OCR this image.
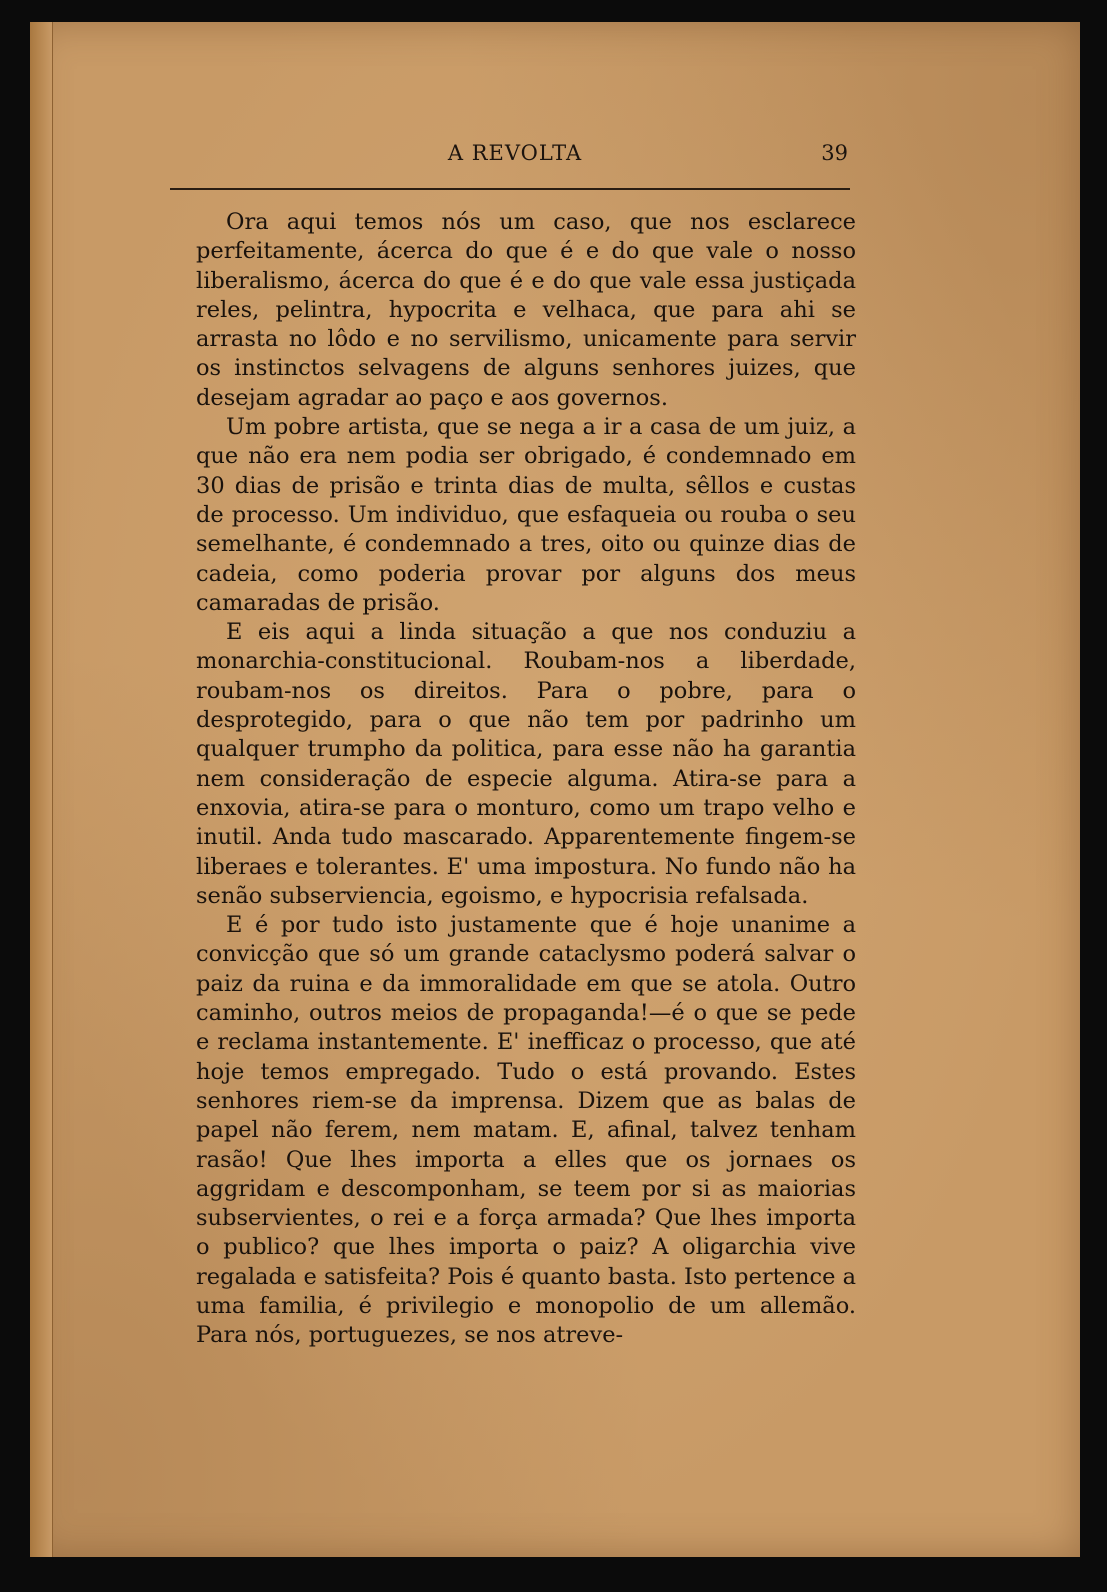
A REVOLTA	39

Ora aqui temos nós um caso, que nos esclarece perfeitamente, ácerca do que é e do que vale o nosso liberalismo, ácerca do que é e do que vale essa justiçada reles, pelintra, hypocrita e velhaca, que para ahi se arrasta no lôdo e no servilismo, unicamente para servir os instinctos selvagens de alguns senhores juizes, que desejam agradar ao paço e aos governos.

Um pobre artista, que se nega a ir a casa de um juiz, a que não era nem podia ser obrigado, é condemnado em 30 dias de prisão e trinta dias de multa, sêllos e custas de processo. Um individuo, que esfaqueia ou rouba o seu semelhante, é condemnado a tres, oito ou quinze dias de cadeia, como poderia provar por alguns dos meus camaradas de prisão.

E eis aqui a linda situação a que nos conduziu a monarchia-constitucional. Roubam-nos a liberdade, roubam-nos os direitos. Para o pobre, para o desprotegido, para o que não tem por padrinho um qualquer trumpho da politica, para esse não ha garantia nem consideração de especie alguma. Atira-se para a enxovia, atira-se para o monturo, como um trapo velho e inutil. Anda tudo mascarado. Apparentemente fingem-se liberaes e tolerantes. E' uma impostura. No fundo não ha senão subserviencia, egoismo, e hypocrisia refalsada.

E é por tudo isto justamente que é hoje unanime a convicção que só um grande cataclysmo poderá salvar o paiz da ruina e da immoralidade em que se atola. Outro caminho, outros meios de propaganda!—é o que se pede e reclama instantemente. E' inefficaz o processo, que até hoje temos empregado. Tudo o está provando. Estes senhores riem-se da imprensa. Dizem que as balas de papel não ferem, nem matam. E, afinal, talvez tenham rasão! Que lhes importa a elles que os jornaes os aggridam e descomponham, se teem por si as maiorias subservientes, o rei e a força armada? Que lhes importa o publico? que lhes importa o paiz? A oligarchia vive regalada e satisfeita? Pois é quanto basta. Isto pertence a uma familia, é privilegio e monopolio de um allemão. Para nós, portuguezes, se nos atreve-
